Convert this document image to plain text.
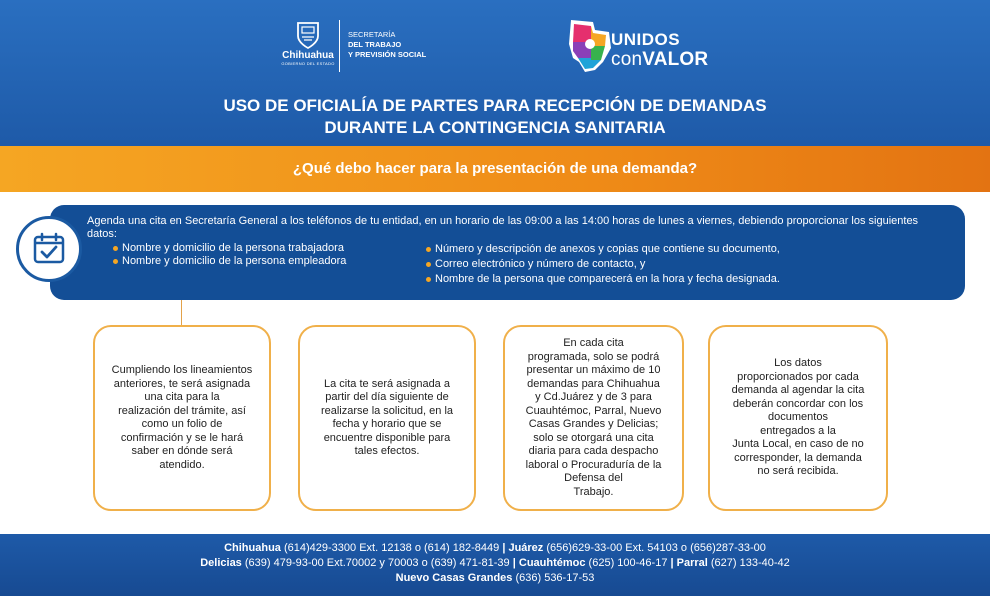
Chihuahua
GOBIERNO DEL ESTADO
SECRETARÍA
DEL TRABAJO
Y PREVISIÓN SOCIAL
UNIDOS
conVALOR
USO DE OFICIALÍA DE PARTES PARA RECEPCIÓN DE DEMANDAS
DURANTE LA CONTINGENCIA SANITARIA
¿Qué debo hacer para la presentación de una demanda?
Agenda una cita en Secretaría General a los teléfonos de tu entidad, en un horario de las 09:00 a las 14:00 horas de lunes a viernes, debiendo proporcionar los siguientes datos:
Nombre y domicilio de la persona trabajadora
Nombre y domicilio de la persona empleadora
Número y descripción de anexos y copias que contiene su documento,
Correo electrónico y número de contacto, y
Nombre de la persona que comparecerá en la hora y fecha designada.
Cumpliendo los lineamientos
anteriores, te será asignada
una cita para la
realización del trámite, así
como un folio de
confirmación y se le hará
saber en dónde será
atendido.
La cita te será asignada a
partir del día siguiente de
realizarse la solicitud, en la
fecha y horario que se
encuentre disponible para
tales efectos.
En cada cita
programada, solo se podrá
presentar un máximo de 10
demandas para Chihuahua
y Cd.Juárez y de 3 para
Cuauhtémoc, Parral, Nuevo
Casas Grandes y Delicias;
solo se otorgará una cita
diaria para cada despacho
laboral o Procuraduría de la
Defensa del
Trabajo.
Los datos
proporcionados por cada
demanda al agendar la cita
deberán concordar con los
documentos
entregados a la
Junta Local, en caso de no
corresponder, la demanda
no será recibida.
Chihuahua (614)429-3300 Ext. 12138 o (614) 182-8449 | Juárez (656)629-33-00 Ext. 54103 o (656)287-33-00
Delicias (639) 479-93-00 Ext.70002 y 70003 o (639) 471-81-39 | Cuauhtémoc (625) 100-46-17 | Parral (627) 133-40-42
Nuevo Casas Grandes (636) 536-17-53
